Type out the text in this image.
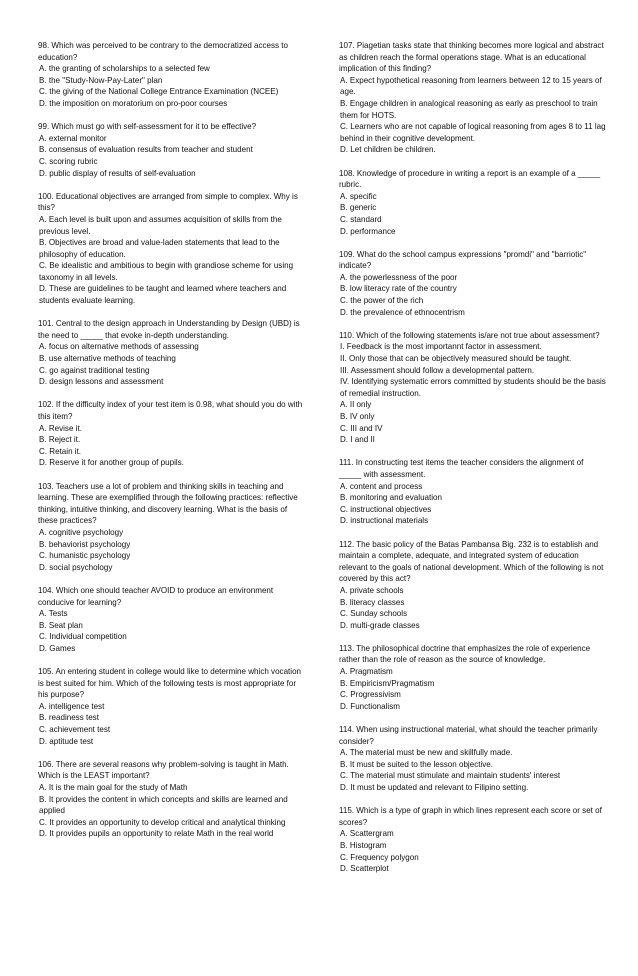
98. Which was perceived to be contrary to the democratized access to education?

A. the granting of scholarships to a selected few

B. the "Study-Now-Pay-Later" plan

C. the giving of the National College Entrance Examination (NCEE)

D. the imposition on moratorium on pro-poor courses

99. Which must go with self-assessment for it to be effective?

A. external monitor

B. consensus of evaluation results from teacher and student

C. scoring rubric

D. public display of results of self-evaluation

100. Educational objectives are arranged from simple to complex. Why is this?

A. Each level is built upon and assumes acquisition of skills from the previous level.

B. Objectives are broad and value-laden statements that lead to the philosophy of education.

C. Be idealistic and ambitious to begin with grandiose scheme for using taxonomy in all levels.

D. These are guidelines to be taught and learned where teachers and students evaluate learning.

101. Central to the design approach in Understanding by Design (UBD) is the need to _____ that evoke in-depth understanding.

A. focus on alternative methods of assessing

B. use alternative methods of teaching

C. go against traditional testing

D. design lessons and assessment

102. If the difficulty index of your test item is 0.98, what should you do with this item?

A. Revise it.

B. Reject it.

C. Retain it.

D. Reserve it for another group of pupils.

103. Teachers use a lot of problem and thinking skills in teaching and learning. These are exemplified through the following practices: reflective thinking, intuitive thinking, and discovery learning. What is the basis of these practices?

A. cognitive psychology

B. behaviorist psychology

C. humanistic psychology

D. social psychology

104. Which one should teacher AVOID to produce an environment conducive for learning?

A. Tests

B. Seat plan

C. Individual competition

D. Games

105. An entering student in college would like to determine which vocation is best suited for him. Which of the following tests is most appropriate for his purpose?

A. intelligence test

B. readiness test

C. achievement test

D. aptitude test

106. There are several reasons why problem-solving is taught in Math. Which is the LEAST important?

A. It is the main goal for the study of Math

B. It provides the content in which concepts and skills are learned and applied

C. It provides an opportunity to develop critical and analytical thinking

D. It provides pupils an opportunity to relate Math in the real world

107. Piagetian tasks state that thinking becomes more logical and abstract as children reach the formal operations stage. What is an educational implication of this finding?

A. Expect hypothetical reasoning from learners between 12 to 15 years of age.

B. Engage children in analogical reasoning as early as preschool to train them for HOTS.

C. Learners who are not capable of logical reasoning from ages 8 to 11 lag behind in their cognitive development.

D. Let children be children.

108. Knowledge of procedure in writing a report is an example of a _____ rubric.

A. specific

B. generic

C. standard

D. performance

109. What do the school campus expressions "promdi" and "barriotic" indicate?

A. the powerlessness of the poor

B. low literacy rate of the country

C. the power of the rich

D. the prevalence of ethnocentrism

110. Which of the following statements is/are not true about assessment?

I. Feedback is the most importannt factor in assessment.

II. Only those that can be objectively measured should be taught.

III. Assessment should follow a developmental pattern.

IV. Identifying systematic errors committed by students should be the basis of remedial instruction.

A. II only

B. IV only

C. III and IV

D. I and II

111. In constructing test items the teacher considers the alignment of _____ with assessment.

A. content and process

B. monitoring and evaluation

C. instructional objectives

D. instructional materials

112. The basic policy of the Batas Pambansa Big. 232 is to establish and maintain a complete, adequate, and integrated system of education relevant to the goals of national development. Which of the following is not covered by this act?

A. private schools

B. literacy classes

C. Sunday schools

D. multi-grade classes

113. The philosophical doctrine that emphasizes the role of experience rather than the role of reason as the source of knowledge.

A. Pragmatism

B. Empiricism/Pragmatism

C. Progressivism

D. Functionalism

114. When using instructional material, what should the teacher primarily consider?

A. The material must be new and skillfully made.

B. It must be suited to the lesson objective.

C. The material must stimulate and maintain students' interest

D. It must be updated and relevant to Filipino setting.

115. Which is a type of graph in which lines represent each score or set of scores?

A. Scattergram

B. Histogram

C. Frequency polygon

D. Scatterplot
